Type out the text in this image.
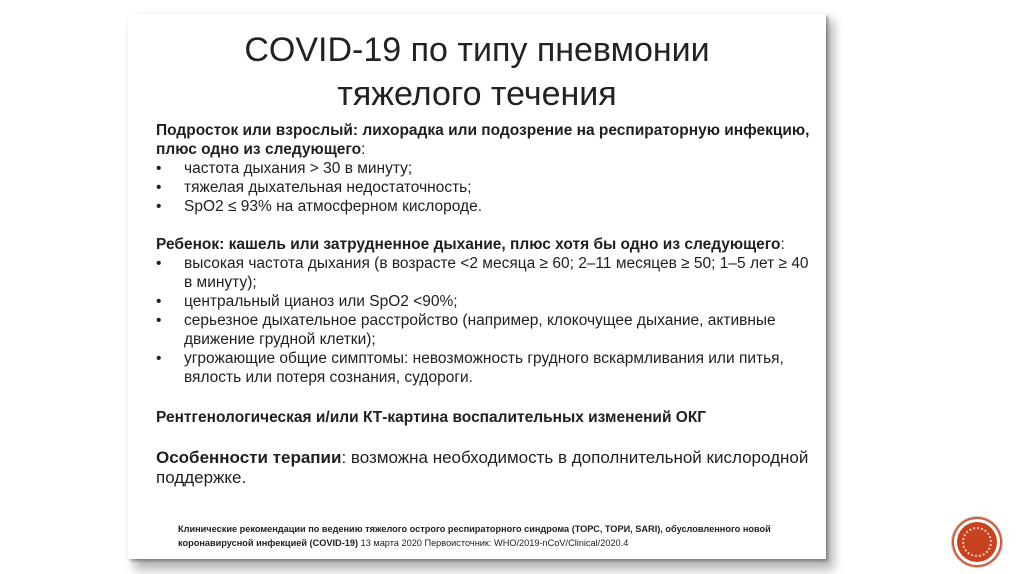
COVID-19 по типу пневмонии
тяжелого течения

Подросток или взрослый: лихорадка или подозрение на респираторную инфекцию, плюс одно из следующего:

• частота дыхания > 30 в минуту;
• тяжелая дыхательная недостаточность;
• SpO2 ≤ 93% на атмосферном кислороде.

Ребенок: кашель или затрудненное дыхание, плюс хотя бы одно из следующего:

• высокая частота дыхания (в возрасте <2 месяца ≥ 60; 2–11 месяцев ≥ 50; 1–5 лет ≥ 40 в минуту);
• центральный цианоз или SpO2 <90%;
• серьезное дыхательное расстройство (например, клокочущее дыхание, активные движение грудной клетки);
• угрожающие общие симптомы: невозможность грудного вскармливания или питья, вялость или потеря сознания, судороги.

Рентгенологическая и/или КТ-картина воспалительных изменений ОКГ

Особенности терапии: возможна необходимость в дополнительной кислородной поддержке.

Клинические рекомендации по ведению тяжелого острого респираторного синдрома (ТОРС, ТОРИ, SARI), обусловленного новой коронавирусной инфекцией (COVID-19) 13 марта 2020 Первоисточник: WHO/2019-nCoV/Clinical/2020.4
